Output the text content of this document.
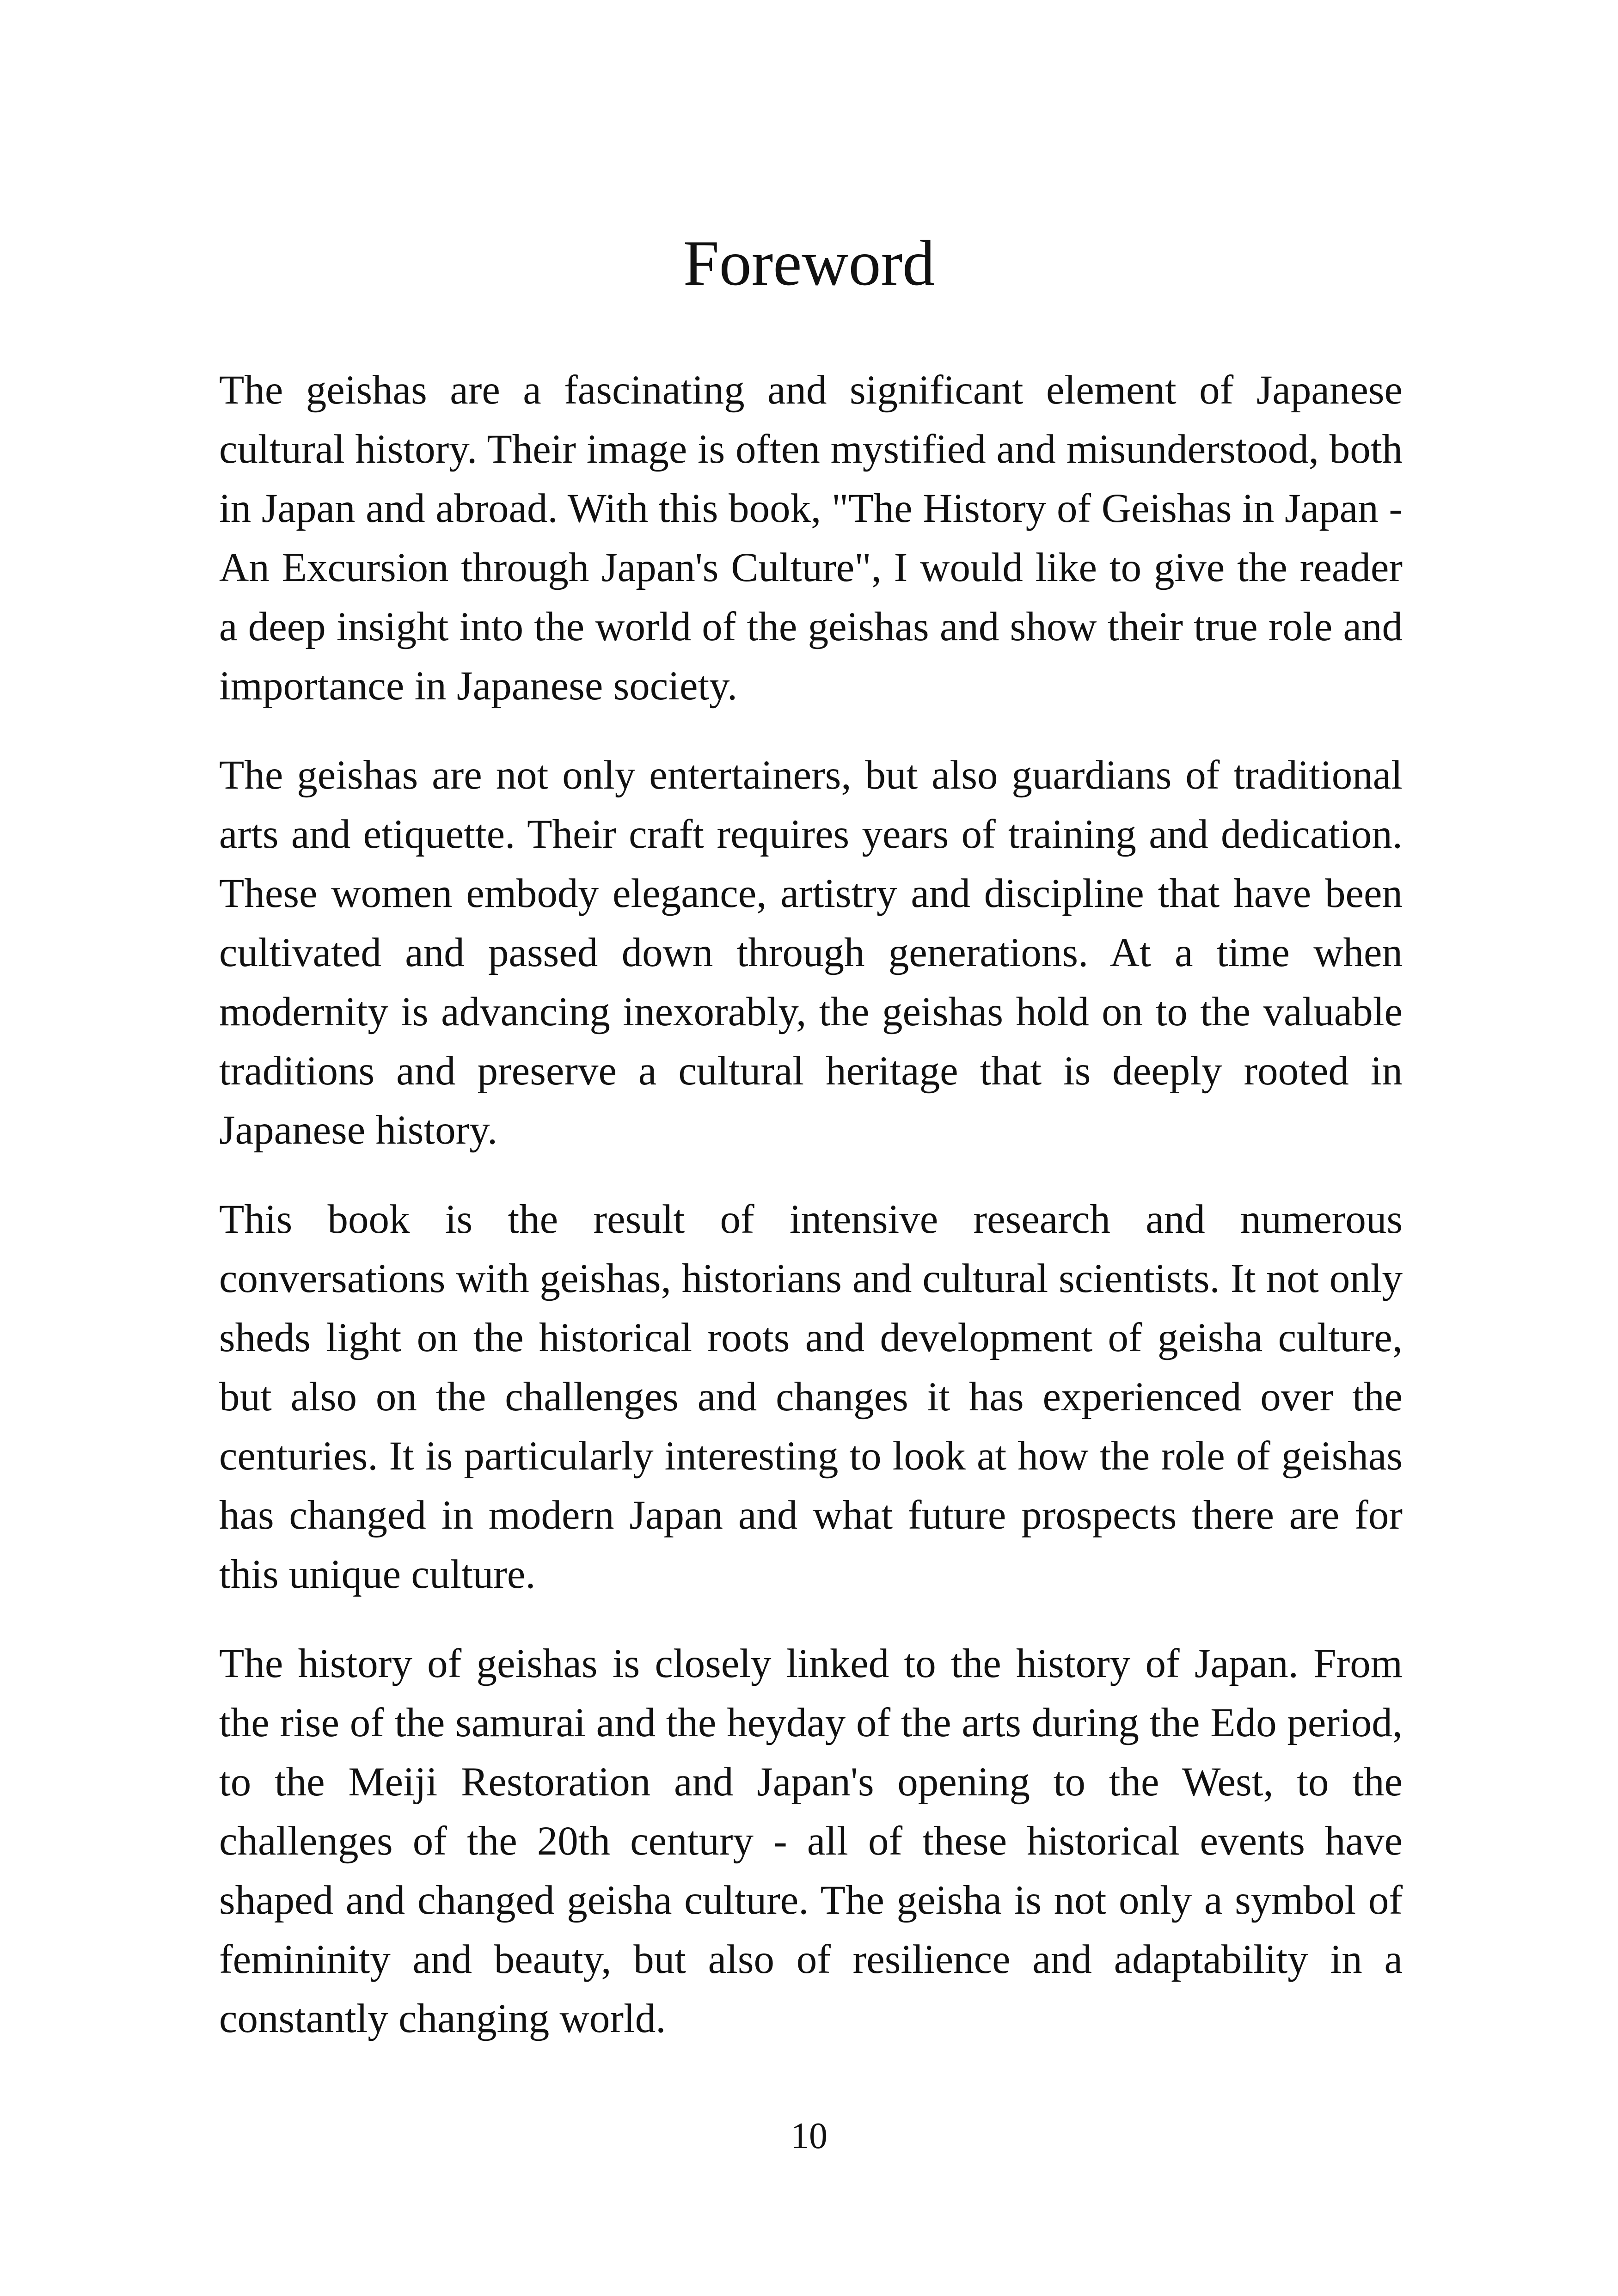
Foreword

The geishas are a fascinating and significant element of Japanese cultural history. Their image is often mystified and misunderstood, both in Japan and abroad. With this book, "The History of Geishas in Japan - An Excursion through Japan's Culture", I would like to give the reader a deep insight into the world of the geishas and show their true role and importance in Japanese society.

The geishas are not only entertainers, but also guardians of traditional arts and etiquette. Their craft requires years of training and dedication. These women embody elegance, artistry and discipline that have been cultivated and passed down through generations. At a time when modernity is advancing inexorably, the geishas hold on to the valuable traditions and preserve a cultural heritage that is deeply rooted in Japanese history.

This book is the result of intensive research and numerous conversations with geishas, historians and cultural scientists. It not only sheds light on the historical roots and development of geisha culture, but also on the challenges and changes it has experienced over the centuries. It is particularly interesting to look at how the role of geishas has changed in modern Japan and what future prospects there are for this unique culture.

The history of geishas is closely linked to the history of Japan. From the rise of the samurai and the heyday of the arts during the Edo period, to the Meiji Restoration and Japan's opening to the West, to the challenges of the 20th century - all of these historical events have shaped and changed geisha culture. The geisha is not only a symbol of femininity and beauty, but also of resilience and adaptability in a constantly changing world.

10
